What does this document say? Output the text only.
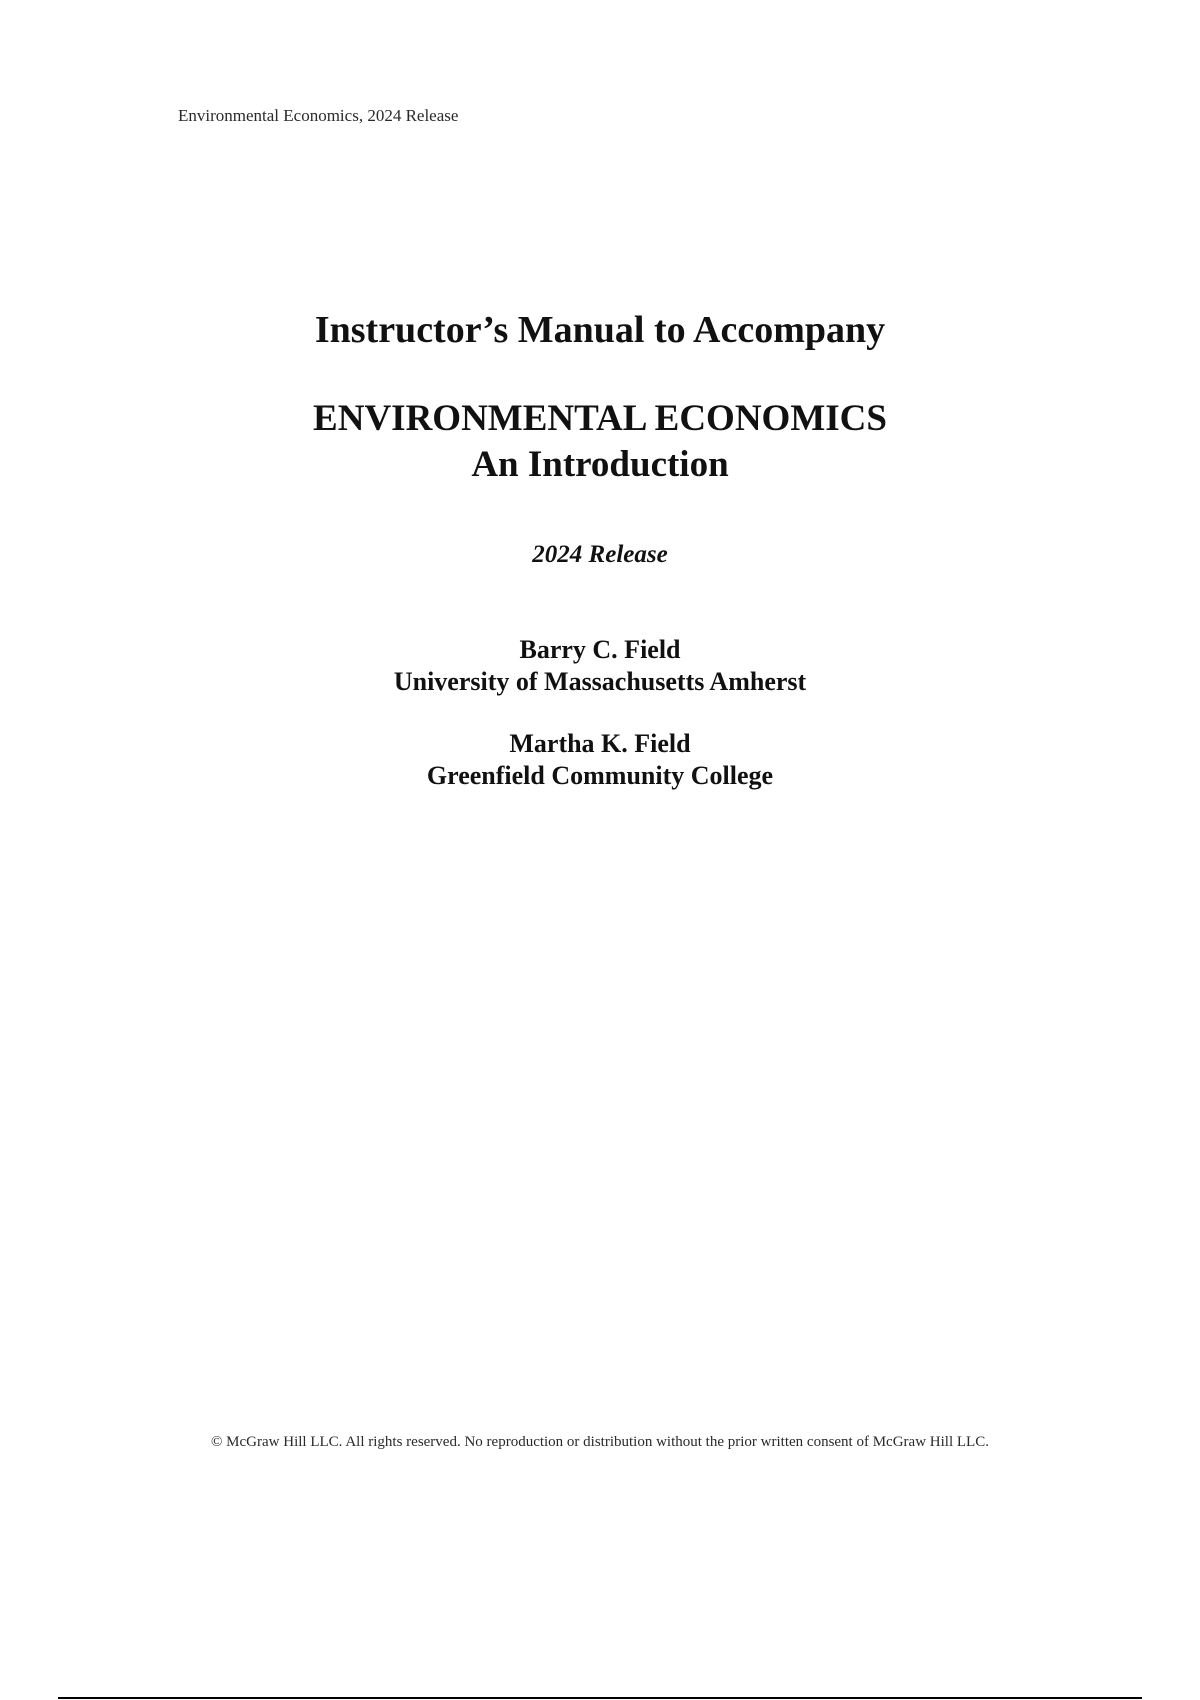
Environmental Economics, 2024 Release
Instructor’s Manual to Accompany
ENVIRONMENTAL ECONOMICS
An Introduction
2024 Release
Barry C. Field
University of Massachusetts Amherst
Martha K. Field
Greenfield Community College
© McGraw Hill LLC. All rights reserved. No reproduction or distribution without the prior written consent of McGraw Hill LLC.
